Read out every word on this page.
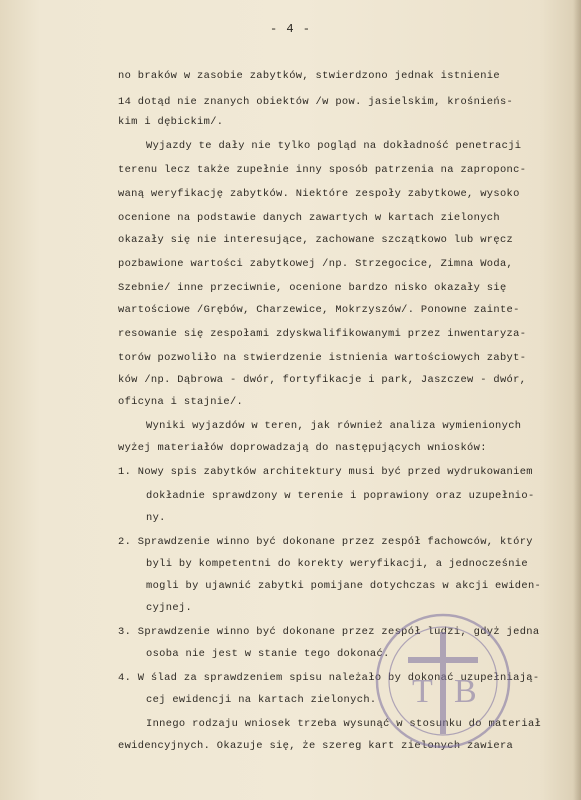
- 4 -
no braków w zasobie zabytków, stwierdzono jednak istnienie
14 dotąd nie znanych obiektów /w pow. jasielskim, krośnieńs-
kim i dębickim/.
Wyjazdy te dały nie tylko pogląd na dokładność penetracji
terenu lecz także zupełnie inny sposób patrzenia na zaproponc-
waną weryfikację zabytków. Niektóre zespoły zabytkowe, wysoko
ocenione na podstawie danych zawartych w kartach zielonych
okazały się nie interesujące, zachowane szczątkowo lub wręcz
pozbawione wartości zabytkowej /np. Strzegocice, Zimna Woda,
Szebnie/ inne przeciwnie, ocenione bardzo nisko okazały się
wartościowe /Grębów, Charzewice, Mokrzyszów/. Ponowne zainte-
resowanie się zespołami zdyskwalifikowanymi przez inwentaryza-
torów pozwoliło na stwierdzenie istnienia wartościowych zabyt-
ków /np. Dąbrowa - dwór, fortyfikacje i park, Jaszczew - dwór,
oficyna i stajnie/.
Wyniki wyjazdów w teren, jak również analiza wymienionych
wyżej materiałów doprowadzają do następujących wniosków:
1. Nowy spis zabytków architektury musi być przed wydrukowaniem
dokładnie sprawdzony w terenie i poprawiony oraz uzupełnio-
ny.
2. Sprawdzenie winno być dokonane przez zespół fachowców, który
byli by kompetentni do korekty weryfikacji, a jednocześnie
mogli by ujawnić zabytki pomijane dotychczas w akcji ewiden-
cyjnej.
3. Sprawdzenie winno być dokonane przez zespół ludzi, gdyż jedna
osoba nie jest w stanie tego dokonać.
4. W ślad za sprawdzeniem spisu należało by dokonać uzupełniają-
cej ewidencji na kartach zielonych.
Innego rodzaju wniosek trzeba wysunąć w stosunku do materiał
ewidencyjnych. Okazuje się, że szereg kart zielonych zawiera
T B
